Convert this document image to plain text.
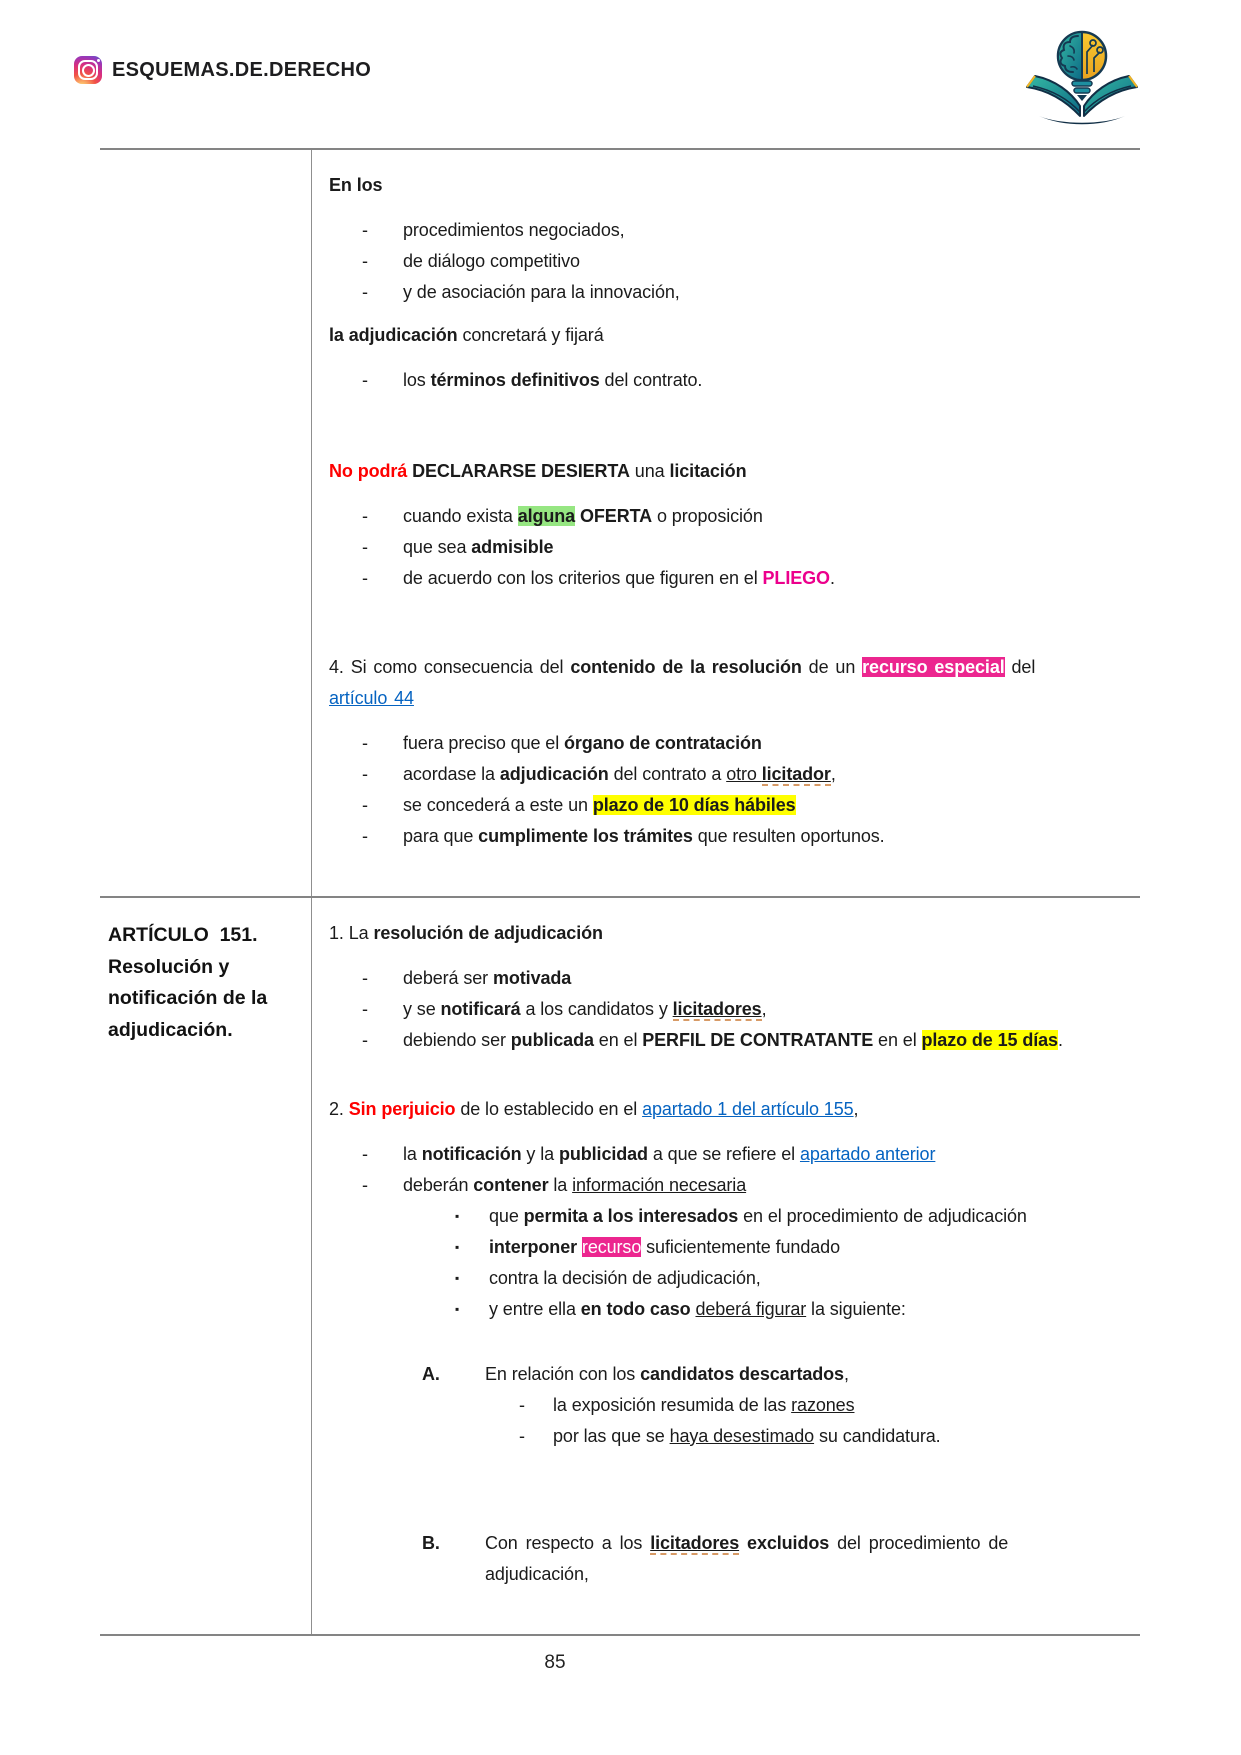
ESQUEMAS.DE.DERECHO
En los
-	procedimientos negociados,
-	de diálogo competitivo
-	y de asociación para la innovación,
la adjudicación concretará y fijará
-	los términos definitivos del contrato.
No podrá DECLARARSE DESIERTA una licitación
-	cuando exista alguna OFERTA o proposición
-	que sea admisible
-	de acuerdo con los criterios que figuren en el PLIEGO.
4. Si como consecuencia del contenido de la resolución de un recurso especial del
artículo 44
-	fuera preciso que el órgano de contratación
-	acordase la adjudicación del contrato a otro licitador,
-	se concederá a este un plazo de 10 días hábiles
-	para que cumplimente los trámites que resulten oportunos.
ARTÍCULO  151. Resolución y notificación de la adjudicación.
1. La resolución de adjudicación
-	deberá ser motivada
-	y se notificará a los candidatos y licitadores,
-	debiendo ser publicada en el PERFIL DE CONTRATANTE en el plazo de 15 días.
2. Sin perjuicio de lo establecido en el apartado 1 del artículo 155,
-	la notificación y la publicidad a que se refiere el apartado anterior
-	deberán contener la información necesaria
▪	que permita a los interesados en el procedimiento de adjudicación
▪	interponer recurso suficientemente fundado
▪	contra la decisión de adjudicación,
▪	y entre ella en todo caso deberá figurar la siguiente:
A.	En relación con los candidatos descartados,
-	la exposición resumida de las razones
-	por las que se haya desestimado su candidatura.
B.	Con respecto a los licitadores excluidos del procedimiento de
adjudicación,
85
